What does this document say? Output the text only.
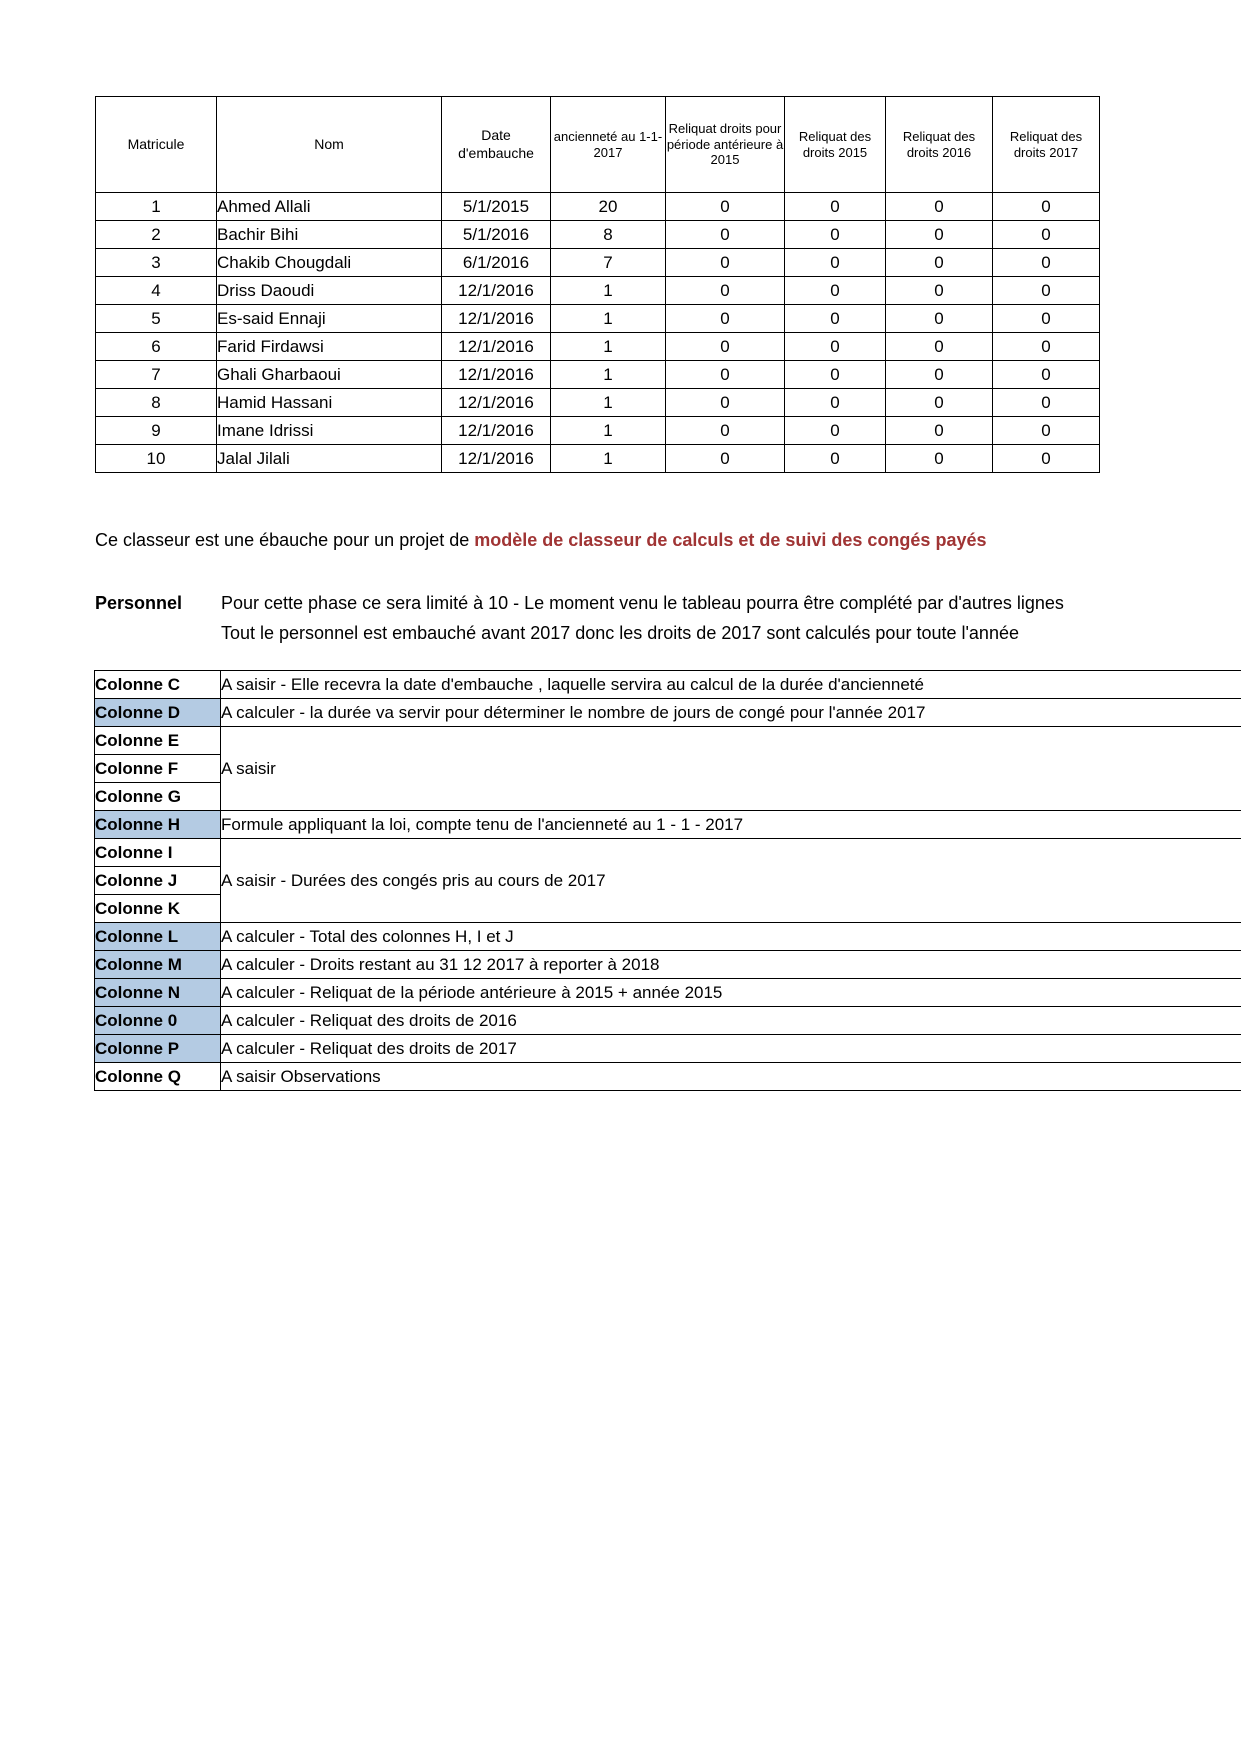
Matricule	Nom	Date d'embauche	ancienneté au 1-1-2017	Reliquat droits pour période antérieure à 2015	Reliquat des droits 2015	Reliquat des droits 2016	Reliquat des droits 2017
1	Ahmed Allali	5/1/2015	20	0	0	0	0
2	Bachir Bihi	5/1/2016	8	0	0	0	0
3	Chakib Chougdali	6/1/2016	7	0	0	0	0
4	Driss Daoudi	12/1/2016	1	0	0	0	0
5	Es-said Ennaji	12/1/2016	1	0	0	0	0
6	Farid Firdawsi	12/1/2016	1	0	0	0	0
7	Ghali Gharbaoui	12/1/2016	1	0	0	0	0
8	Hamid Hassani	12/1/2016	1	0	0	0	0
9	Imane Idrissi	12/1/2016	1	0	0	0	0
10	Jalal Jilali	12/1/2016	1	0	0	0	0
Ce classeur est une ébauche pour un projet de modèle de classeur de calculs et de suivi des congés payés
Personnel	Pour cette phase ce sera limité à 10 - Le moment venu le tableau pourra être complété par d'autres lignes
Tout le personnel est embauché avant 2017 donc les droits de 2017 sont calculés pour toute l'année
Colonne C	A saisir - Elle recevra la date d'embauche , laquelle servira au calcul de la durée d'ancienneté
Colonne D	A calculer - la durée va servir pour déterminer le nombre de jours de congé pour l'année 2017
Colonne E	
Colonne F	A saisir
Colonne G	
Colonne H	Formule appliquant la loi, compte tenu de l'ancienneté au 1 - 1 - 2017
Colonne I	
Colonne J	A saisir - Durées des congés pris au cours de 2017
Colonne K	
Colonne L	A calculer - Total des colonnes H, I et J
Colonne M	A calculer - Droits restant au 31 12 2017 à reporter à 2018
Colonne N	A calculer - Reliquat de la période antérieure à 2015 + année 2015
Colonne 0	A calculer - Reliquat des droits de 2016
Colonne P	A calculer - Reliquat des droits de 2017
Colonne Q	A saisir Observations
